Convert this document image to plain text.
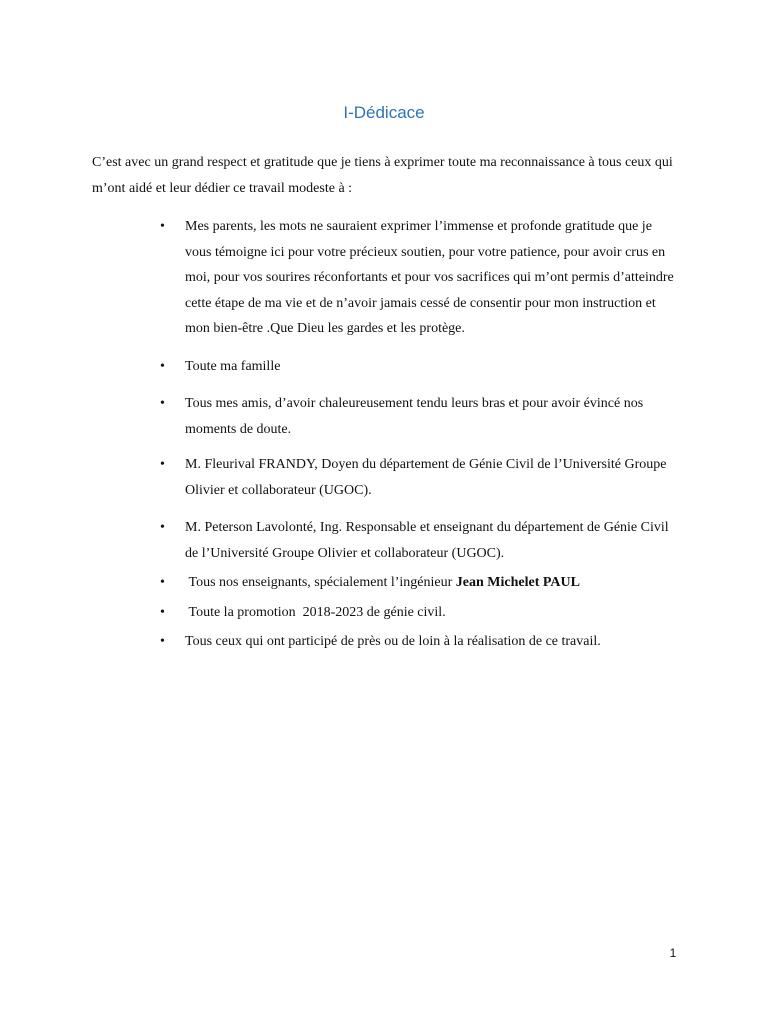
I-Dédicace

C’est avec un grand respect et gratitude que je tiens à exprimer toute ma reconnaissance à tous ceux qui m’ont aidé et leur dédier ce travail modeste à :

• Mes parents, les mots ne sauraient exprimer l’immense et profonde gratitude que je vous témoigne ici pour votre précieux soutien, pour votre patience, pour avoir crus en moi, pour vos sourires réconfortants et pour vos sacrifices qui m’ont permis d’atteindre cette étape de ma vie et de n’avoir jamais cessé de consentir pour mon instruction et mon bien-être .Que Dieu les gardes et les protège.
• Toute ma famille
• Tous mes amis, d’avoir chaleureusement tendu leurs bras et pour avoir évincé nos moments de doute.
• M. Fleurival FRANDY, Doyen du département de Génie Civil de l’Université Groupe Olivier et collaborateur (UGOC).
• M. Peterson Lavolonté, Ing. Responsable et enseignant du département de Génie Civil de l’Université Groupe Olivier et collaborateur (UGOC).
• Tous nos enseignants, spécialement l’ingénieur Jean Michelet PAUL
• Toute la promotion  2018-2023 de génie civil.
• Tous ceux qui ont participé de près ou de loin à la réalisation de ce travail.
1
